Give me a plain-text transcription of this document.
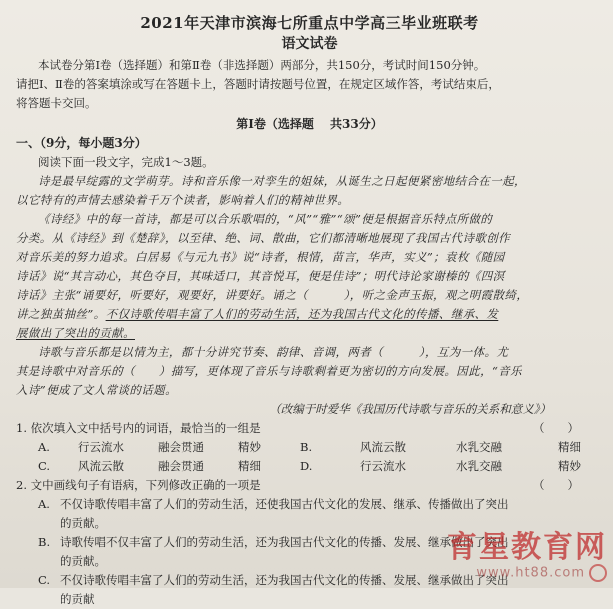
2021年天津市滨海七所重点中学高三毕业班联考
语文试卷
本试卷分第Ⅰ卷（选择题）和第Ⅱ卷（非选择题）两部分，共150分，考试时间150分钟。
请把Ⅰ、Ⅱ卷的答案填涂或写在答题卡上，答题时请按题号位置，在规定区域作答，考试结束后，
将答题卡交回。
第Ⅰ卷（选择题　 共33分）
一、（9分，每小题3分）
阅读下面一段文字，完成1～3题。
诗是最早绽露的文学萌芽。诗和音乐像一对孪生的姐妹，从诞生之日起便紧密地结合在一起，
以它特有的声情去感染着千万个读者，影响着人们的精神世界。
《诗经》中的每一首诗，都是可以合乐歌唱的，“风”“雅”“颂”便是根据音乐特点所做的
分类。从《诗经》到《楚辞》，以至律、绝、词、散曲，它们都清晰地展现了我国古代诗歌创作
对音乐美的努力追求。白居易《与元九书》说“诗者，根情，苗言，华声，实义”；袁枚《随园
诗话》说“其言动心，其色夺目，其味适口，其音悦耳，便是佳诗”；明代诗论家谢榛的《四溟
诗话》主张“诵要好，听要好，观要好，讲要好。诵之（　　　），听之金声玉振，观之明霞散绮，
讲之独茧抽丝”。不仅诗歌传唱丰富了人们的劳动生活，还为我国古代文化的传播、继承、发
展做出了突出的贡献。
诗歌与音乐都是以情为主，都十分讲究节奏、韵律、音调，两者（　　　），互为一体。尤
其是诗歌中对音乐的（　　）描写，更体现了音乐与诗歌剩着更为密切的方向发展。因此，“音乐
入诗”便成了文人常谈的话题。
（改编于时爱华《我国历代诗歌与音乐的关系和意义》）
1. 依次填入文中括号内的词语，最恰当的一组是	（　　）
A.	行云流水	融会贯通	精妙	B.	风流云散	水乳交融	精细
C.	风流云散	融会贯通	精细	D.	行云流水	水乳交融	精妙
2. 文中画线句子有语病，下列修改正确的一项是	（　　）
A. 不仅诗歌传唱丰富了人们的劳动生活，还使我国古代文化的发展、继承、传播做出了突出
的贡献。
B. 诗歌传唱不仅丰富了人们的劳动生活，还为我国古代文化的传播、发展、继承做出了突出
的贡献。
C. 不仅诗歌传唱丰富了人们的劳动生活，还为我国古代文化的传播、发展、继承做出了突出
的贡献
育星教育网
www.ht88.com
